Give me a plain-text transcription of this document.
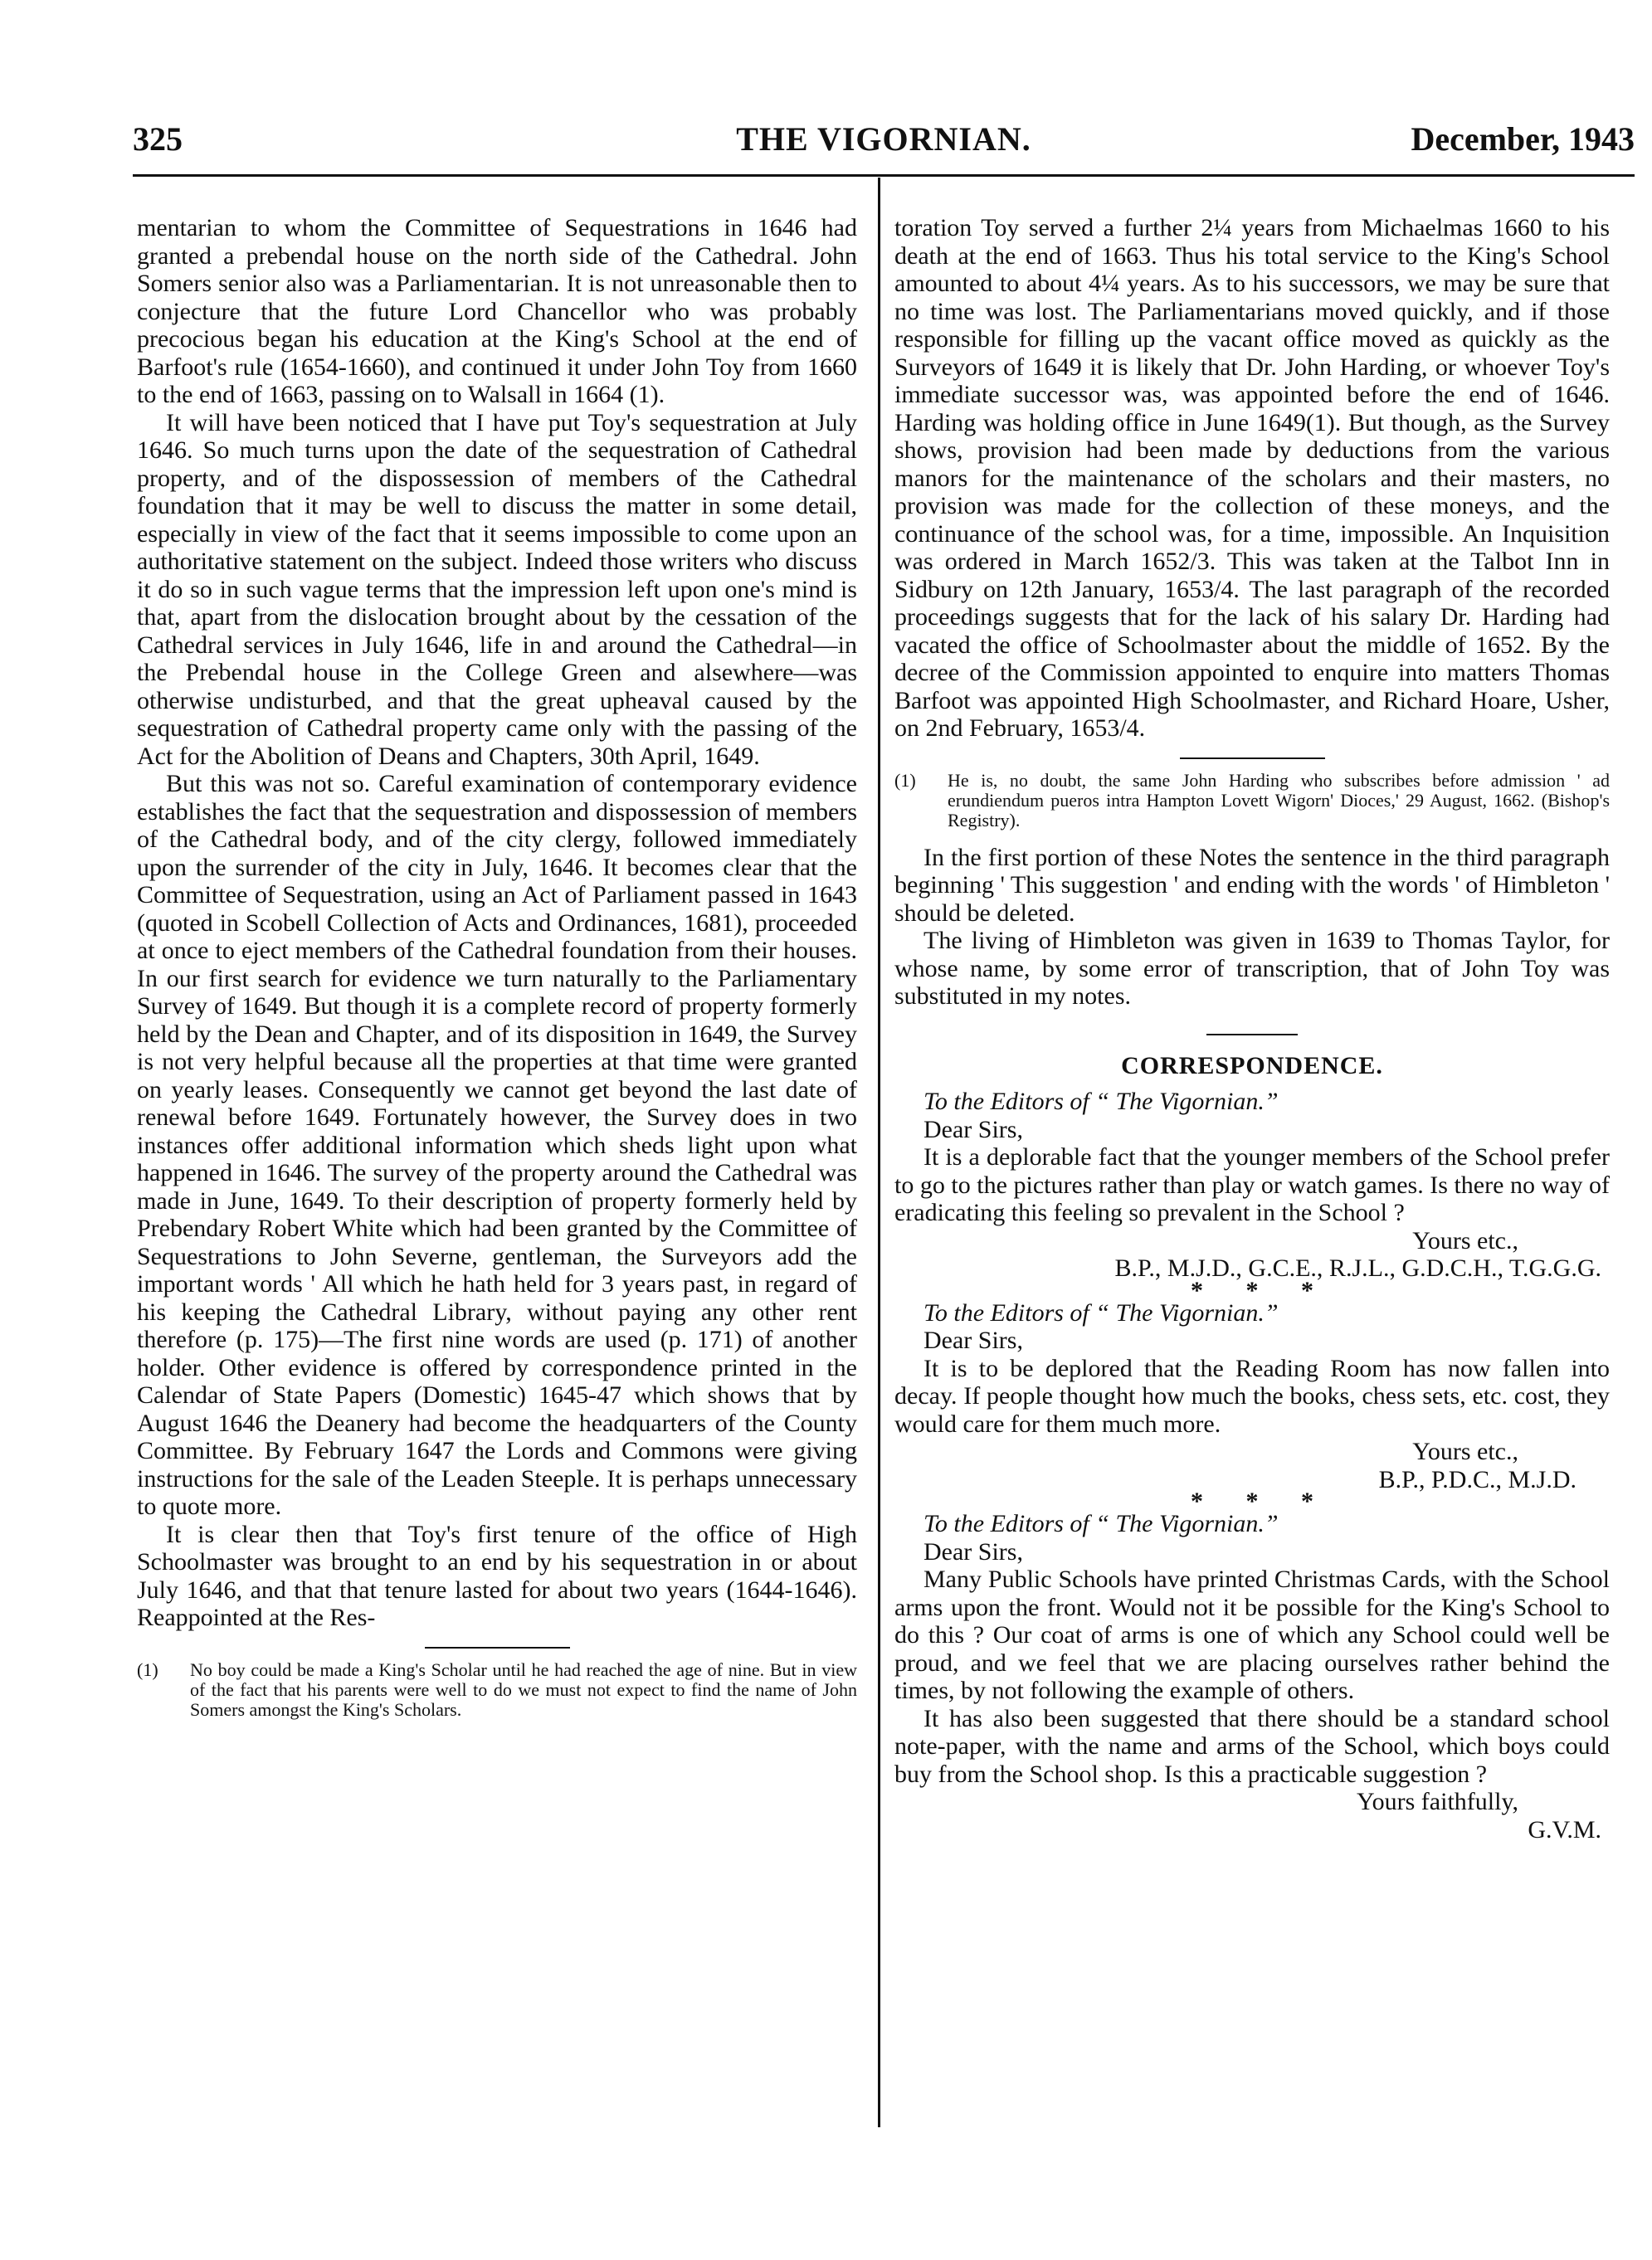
325	THE VIGORNIAN.	December, 1943

mentarian to whom the Committee of Sequestrations in 1646 had granted a prebendal house on the north side of the Cathedral. John Somers senior also was a Parliamentarian. It is not unreasonable then to conjecture that the future Lord Chancellor who was probably precocious began his education at the King's School at the end of Barfoot's rule (1654-1660), and continued it under John Toy from 1660 to the end of 1663, passing on to Walsall in 1664 (1).

It will have been noticed that I have put Toy's sequestration at July 1646. So much turns upon the date of the sequestration of Cathedral property, and of the dispossession of members of the Cathedral foundation that it may be well to discuss the matter in some detail, especially in view of the fact that it seems impossible to come upon an authoritative statement on the subject. Indeed those writers who discuss it do so in such vague terms that the impression left upon one's mind is that, apart from the dislocation brought about by the cessation of the Cathedral services in July 1646, life in and around the Cathedral—in the Prebendal house in the College Green and alsewhere—was otherwise undisturbed, and that the great upheaval caused by the sequestration of Cathedral property came only with the passing of the Act for the Abolition of Deans and Chapters, 30th April, 1649.

But this was not so. Careful examination of contemporary evidence establishes the fact that the sequestration and dispossession of members of the Cathedral body, and of the city clergy, followed immediately upon the surrender of the city in July, 1646. It becomes clear that the Committee of Sequestration, using an Act of Parliament passed in 1643 (quoted in Scobell Collection of Acts and Ordinances, 1681), proceeded at once to eject members of the Cathedral foundation from their houses. In our first search for evidence we turn naturally to the Parliamentary Survey of 1649. But though it is a complete record of property formerly held by the Dean and Chapter, and of its disposition in 1649, the Survey is not very helpful because all the properties at that time were granted on yearly leases. Consequently we cannot get beyond the last date of renewal before 1649. Fortunately however, the Survey does in two instances offer additional information which sheds light upon what happened in 1646. The survey of the property around the Cathedral was made in June, 1649. To their description of property formerly held by Prebendary Robert White which had been granted by the Committee of Sequestrations to John Severne, gentleman, the Surveyors add the important words ' All which he hath held for 3 years past, in regard of his keeping the Cathedral Library, without paying any other rent therefore (p. 175)—The first nine words are used (p. 171) of another holder. Other evidence is offered by correspondence printed in the Calendar of State Papers (Domestic) 1645-47 which shows that by August 1646 the Deanery had become the headquarters of the County Committee. By February 1647 the Lords and Commons were giving instructions for the sale of the Leaden Steeple. It is perhaps unnecessary to quote more.

It is clear then that Toy's first tenure of the office of High Schoolmaster was brought to an end by his sequestration in or about July 1646, and that that tenure lasted for about two years (1644-1646). Reappointed at the Res-

(1) No boy could be made a King's Scholar until he had reached the age of nine. But in view of the fact that his parents were well to do we must not expect to find the name of John Somers amongst the King's Scholars.

toration Toy served a further 2¼ years from Michaelmas 1660 to his death at the end of 1663. Thus his total service to the King's School amounted to about 4¼ years. As to his successors, we may be sure that no time was lost. The Parliamentarians moved quickly, and if those responsible for filling up the vacant office moved as quickly as the Surveyors of 1649 it is likely that Dr. John Harding, or whoever Toy's immediate successor was, was appointed before the end of 1646. Harding was holding office in June 1649(1). But though, as the Survey shows, provision had been made by deductions from the various manors for the maintenance of the scholars and their masters, no provision was made for the collection of these moneys, and the continuance of the school was, for a time, impossible. An Inquisition was ordered in March 1652/3. This was taken at the Talbot Inn in Sidbury on 12th January, 1653/4. The last paragraph of the recorded proceedings suggests that for the lack of his salary Dr. Harding had vacated the office of Schoolmaster about the middle of 1652. By the decree of the Commission appointed to enquire into matters Thomas Barfoot was appointed High Schoolmaster, and Richard Hoare, Usher, on 2nd February, 1653/4.

(1) He is, no doubt, the same John Harding who subscribes before admission ' ad erundiendum pueros intra Hampton Lovett Wigorn' Dioces,' 29 August, 1662. (Bishop's Registry).

In the first portion of these Notes the sentence in the third paragraph beginning ' This suggestion ' and ending with the words ' of Himbleton ' should be deleted.

The living of Himbleton was given in 1639 to Thomas Taylor, for whose name, by some error of transcription, that of John Toy was substituted in my notes.

CORRESPONDENCE.

To the Editors of “ The Vigornian.”

Dear Sirs,

It is a deplorable fact that the younger members of the School prefer to go to the pictures rather than play or watch games. Is there no way of eradicating this feeling so prevalent in the School ?

Yours etc.,

B.P., M.J.D., G.C.E., R.J.L., G.D.C.H., T.G.G.G.

* * *

To the Editors of “ The Vigornian.”

Dear Sirs,

It is to be deplored that the Reading Room has now fallen into decay. If people thought how much the books, chess sets, etc. cost, they would care for them much more.

Yours etc.,

B.P., P.D.C., M.J.D.

* * *

To the Editors of “ The Vigornian.”

Dear Sirs,

Many Public Schools have printed Christmas Cards, with the School arms upon the front. Would not it be possible for the King's School to do this ? Our coat of arms is one of which any School could well be proud, and we feel that we are placing ourselves rather behind the times, by not following the example of others.

It has also been suggested that there should be a standard school note-paper, with the name and arms of the School, which boys could buy from the School shop. Is this a practicable suggestion ?

Yours faithfully,

G.V.M.
